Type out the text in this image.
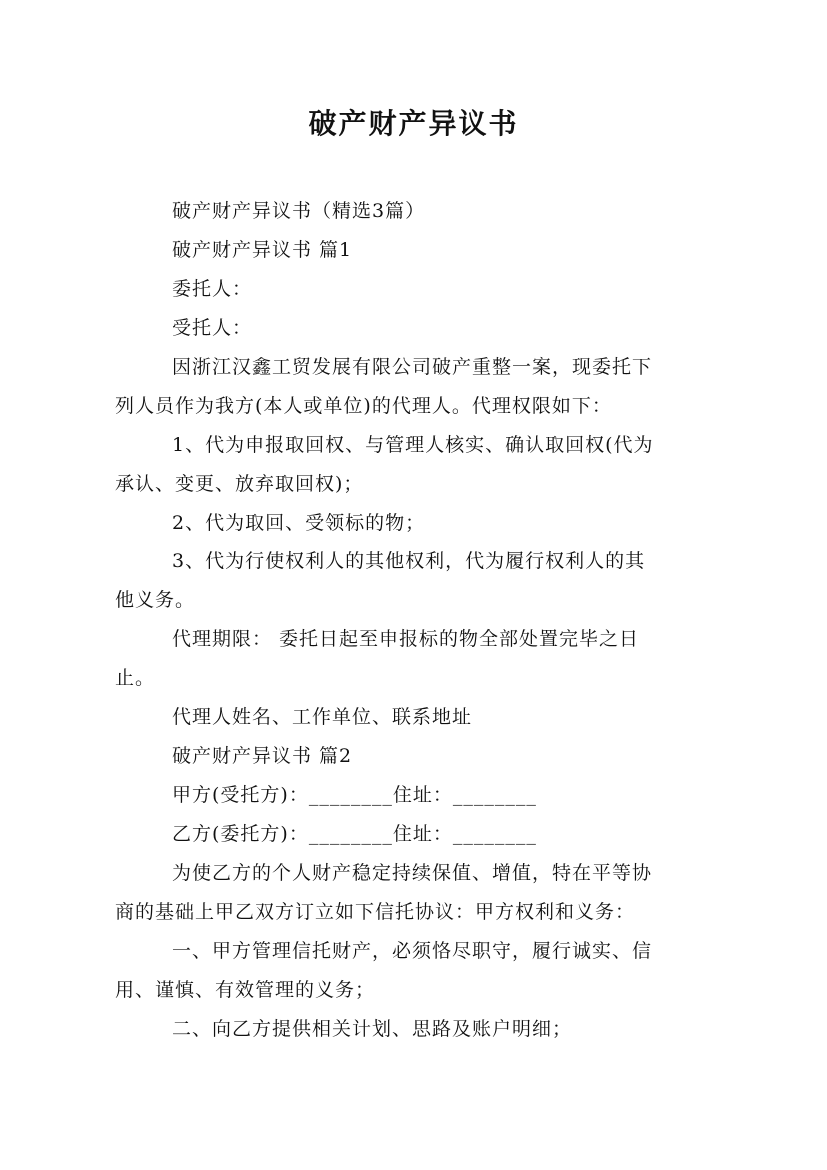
破产财产异议书
破产财产异议书（精选3篇）
破产财产异议书 篇1
委托人：
受托人：
因浙江汉鑫工贸发展有限公司破产重整一案，现委托下
列人员作为我方(本人或单位)的代理人。代理权限如下：
1、代为申报取回权、与管理人核实、确认取回权(代为
承认、变更、放弃取回权)；
2、代为取回、受领标的物；
3、代为行使权利人的其他权利，代为履行权利人的其
他义务。
代理期限： 委托日起至申报标的物全部处置完毕之日
止。
代理人姓名、工作单位、联系地址
破产财产异议书 篇2
甲方(受托方)：________住址：________
乙方(委托方)：________住址：________
为使乙方的个人财产稳定持续保值、增值，特在平等协
商的基础上甲乙双方订立如下信托协议：甲方权利和义务：
一、甲方管理信托财产，必须恪尽职守，履行诚实、信
用、谨慎、有效管理的义务；
二、向乙方提供相关计划、思路及账户明细；
